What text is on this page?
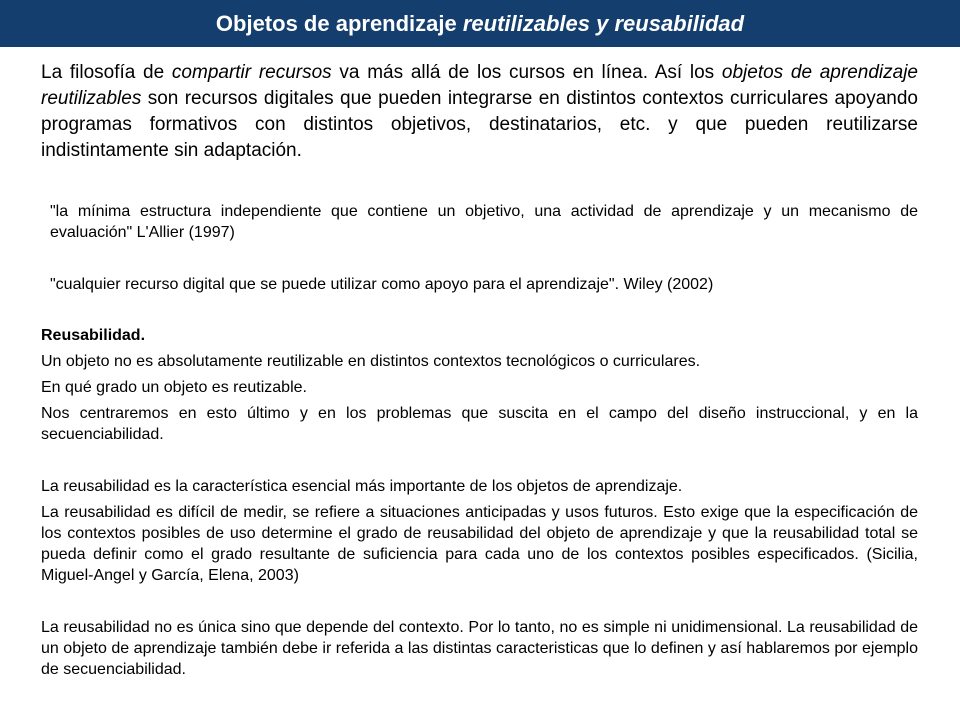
Objetos de aprendizaje reutilizables y reusabilidad

La filosofía de compartir recursos va más allá de los cursos en línea. Así los objetos de aprendizaje reutilizables son recursos digitales que pueden integrarse en distintos contextos curriculares apoyando programas formativos con distintos objetivos, destinatarios, etc. y que pueden reutilizarse indistintamente sin adaptación.

"la mínima estructura independiente que contiene un objetivo, una actividad de aprendizaje y un mecanismo de evaluación" L'Allier (1997)

"cualquier recurso digital que se puede utilizar como apoyo para el aprendizaje". Wiley (2002)

Reusabilidad.

Un objeto no es absolutamente reutilizable en distintos contextos tecnológicos o curriculares.

En qué grado un objeto es reutizable.

Nos centraremos en esto último y en los problemas que suscita en el campo del diseño instruccional, y en la secuenciabilidad.

La reusabilidad es la característica esencial más importante de los objetos de aprendizaje.

La reusabilidad es difícil de medir, se refiere a situaciones anticipadas y usos futuros. Esto exige que la especificación de los contextos posibles de uso determine el grado de reusabilidad del objeto de aprendizaje y que la reusabilidad total se pueda definir como el grado resultante de suficiencia para cada uno de los contextos posibles especificados. (Sicilia, Miguel-Angel y García, Elena, 2003)

La reusabilidad no es única sino que depende del contexto. Por lo tanto, no es simple ni unidimensional. La reusabilidad de un objeto de aprendizaje también debe ir referida a las distintas caracteristicas que lo definen y así hablaremos por ejemplo de secuenciabilidad.
